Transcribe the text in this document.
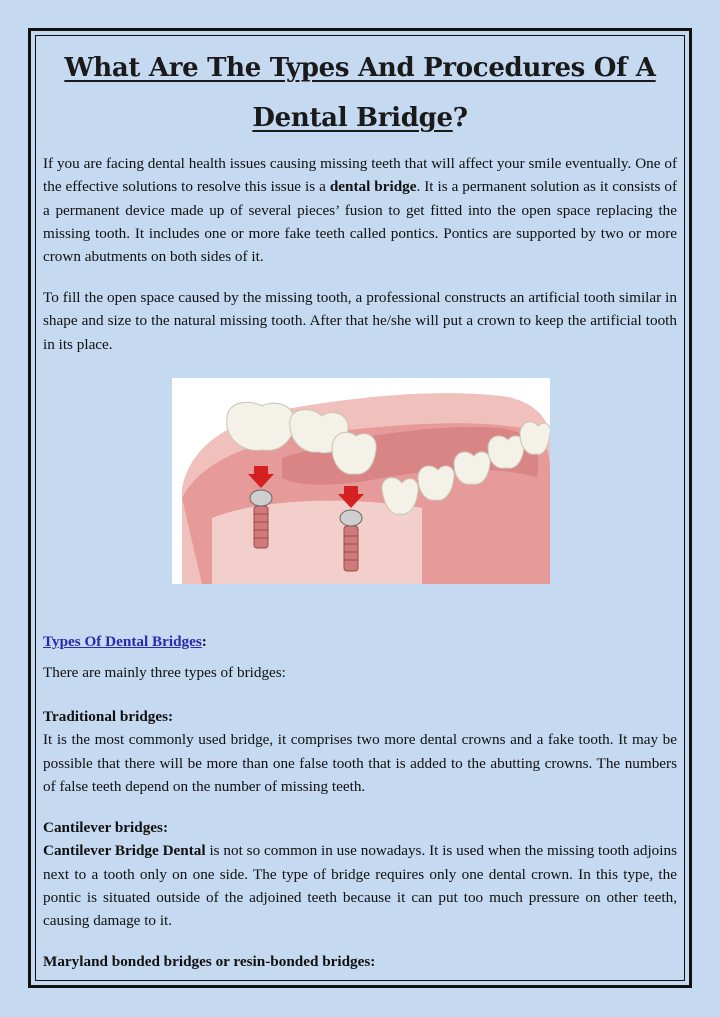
What Are The Types And Procedures Of A
Dental Bridge?

If you are facing dental health issues causing missing teeth that will affect your smile eventually. One of the effective solutions to resolve this issue is a dental bridge. It is a permanent solution as it consists of a permanent device made up of several pieces’ fusion to get fitted into the open space replacing the missing tooth. It includes one or more fake teeth called pontics. Pontics are supported by two or more crown abutments on both sides of it.

To fill the open space caused by the missing tooth, a professional constructs an artificial tooth similar in shape and size to the natural missing tooth. After that he/she will put a crown to keep the artificial tooth in its place.

Types Of Dental Bridges:

There are mainly three types of bridges:

Traditional bridges:
It is the most commonly used bridge, it comprises two more dental crowns and a fake tooth. It may be possible that there will be more than one false tooth that is added to the abutting crowns. The numbers of false teeth depend on the number of missing teeth.

Cantilever bridges:
Cantilever Bridge Dental is not so common in use nowadays. It is used when the missing tooth adjoins next to a tooth only on one side. The type of bridge requires only one dental crown. In this type, the pontic is situated outside of the adjoined teeth because it can put too much pressure on other teeth, causing damage to it.

Maryland bonded bridges or resin-bonded bridges:
